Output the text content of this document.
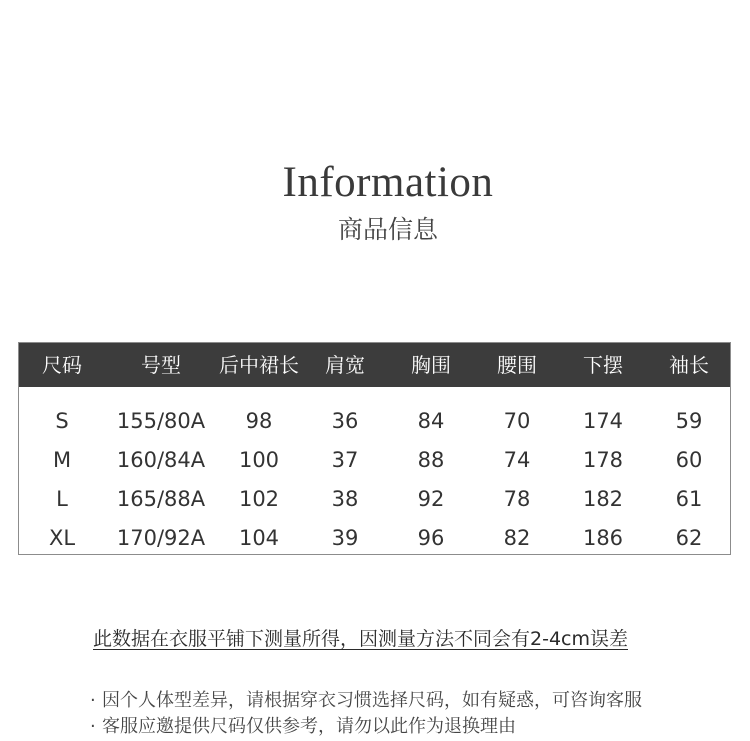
Information
商品信息
尺码	号型	后中裙长	肩宽	胸围	腰围	下摆	袖长
S	155/80A	98	36	84	70	174	59
M	160/84A	100	37	88	74	178	60
L	165/88A	102	38	92	78	182	61
XL	170/92A	104	39	96	82	186	62
此数据在衣服平铺下测量所得，因测量方法不同会有2-4cm误差
· 因个人体型差异，请根据穿衣习惯选择尺码，如有疑惑，可咨询客服
· 客服应邀提供尺码仅供参考，请勿以此作为退换理由
